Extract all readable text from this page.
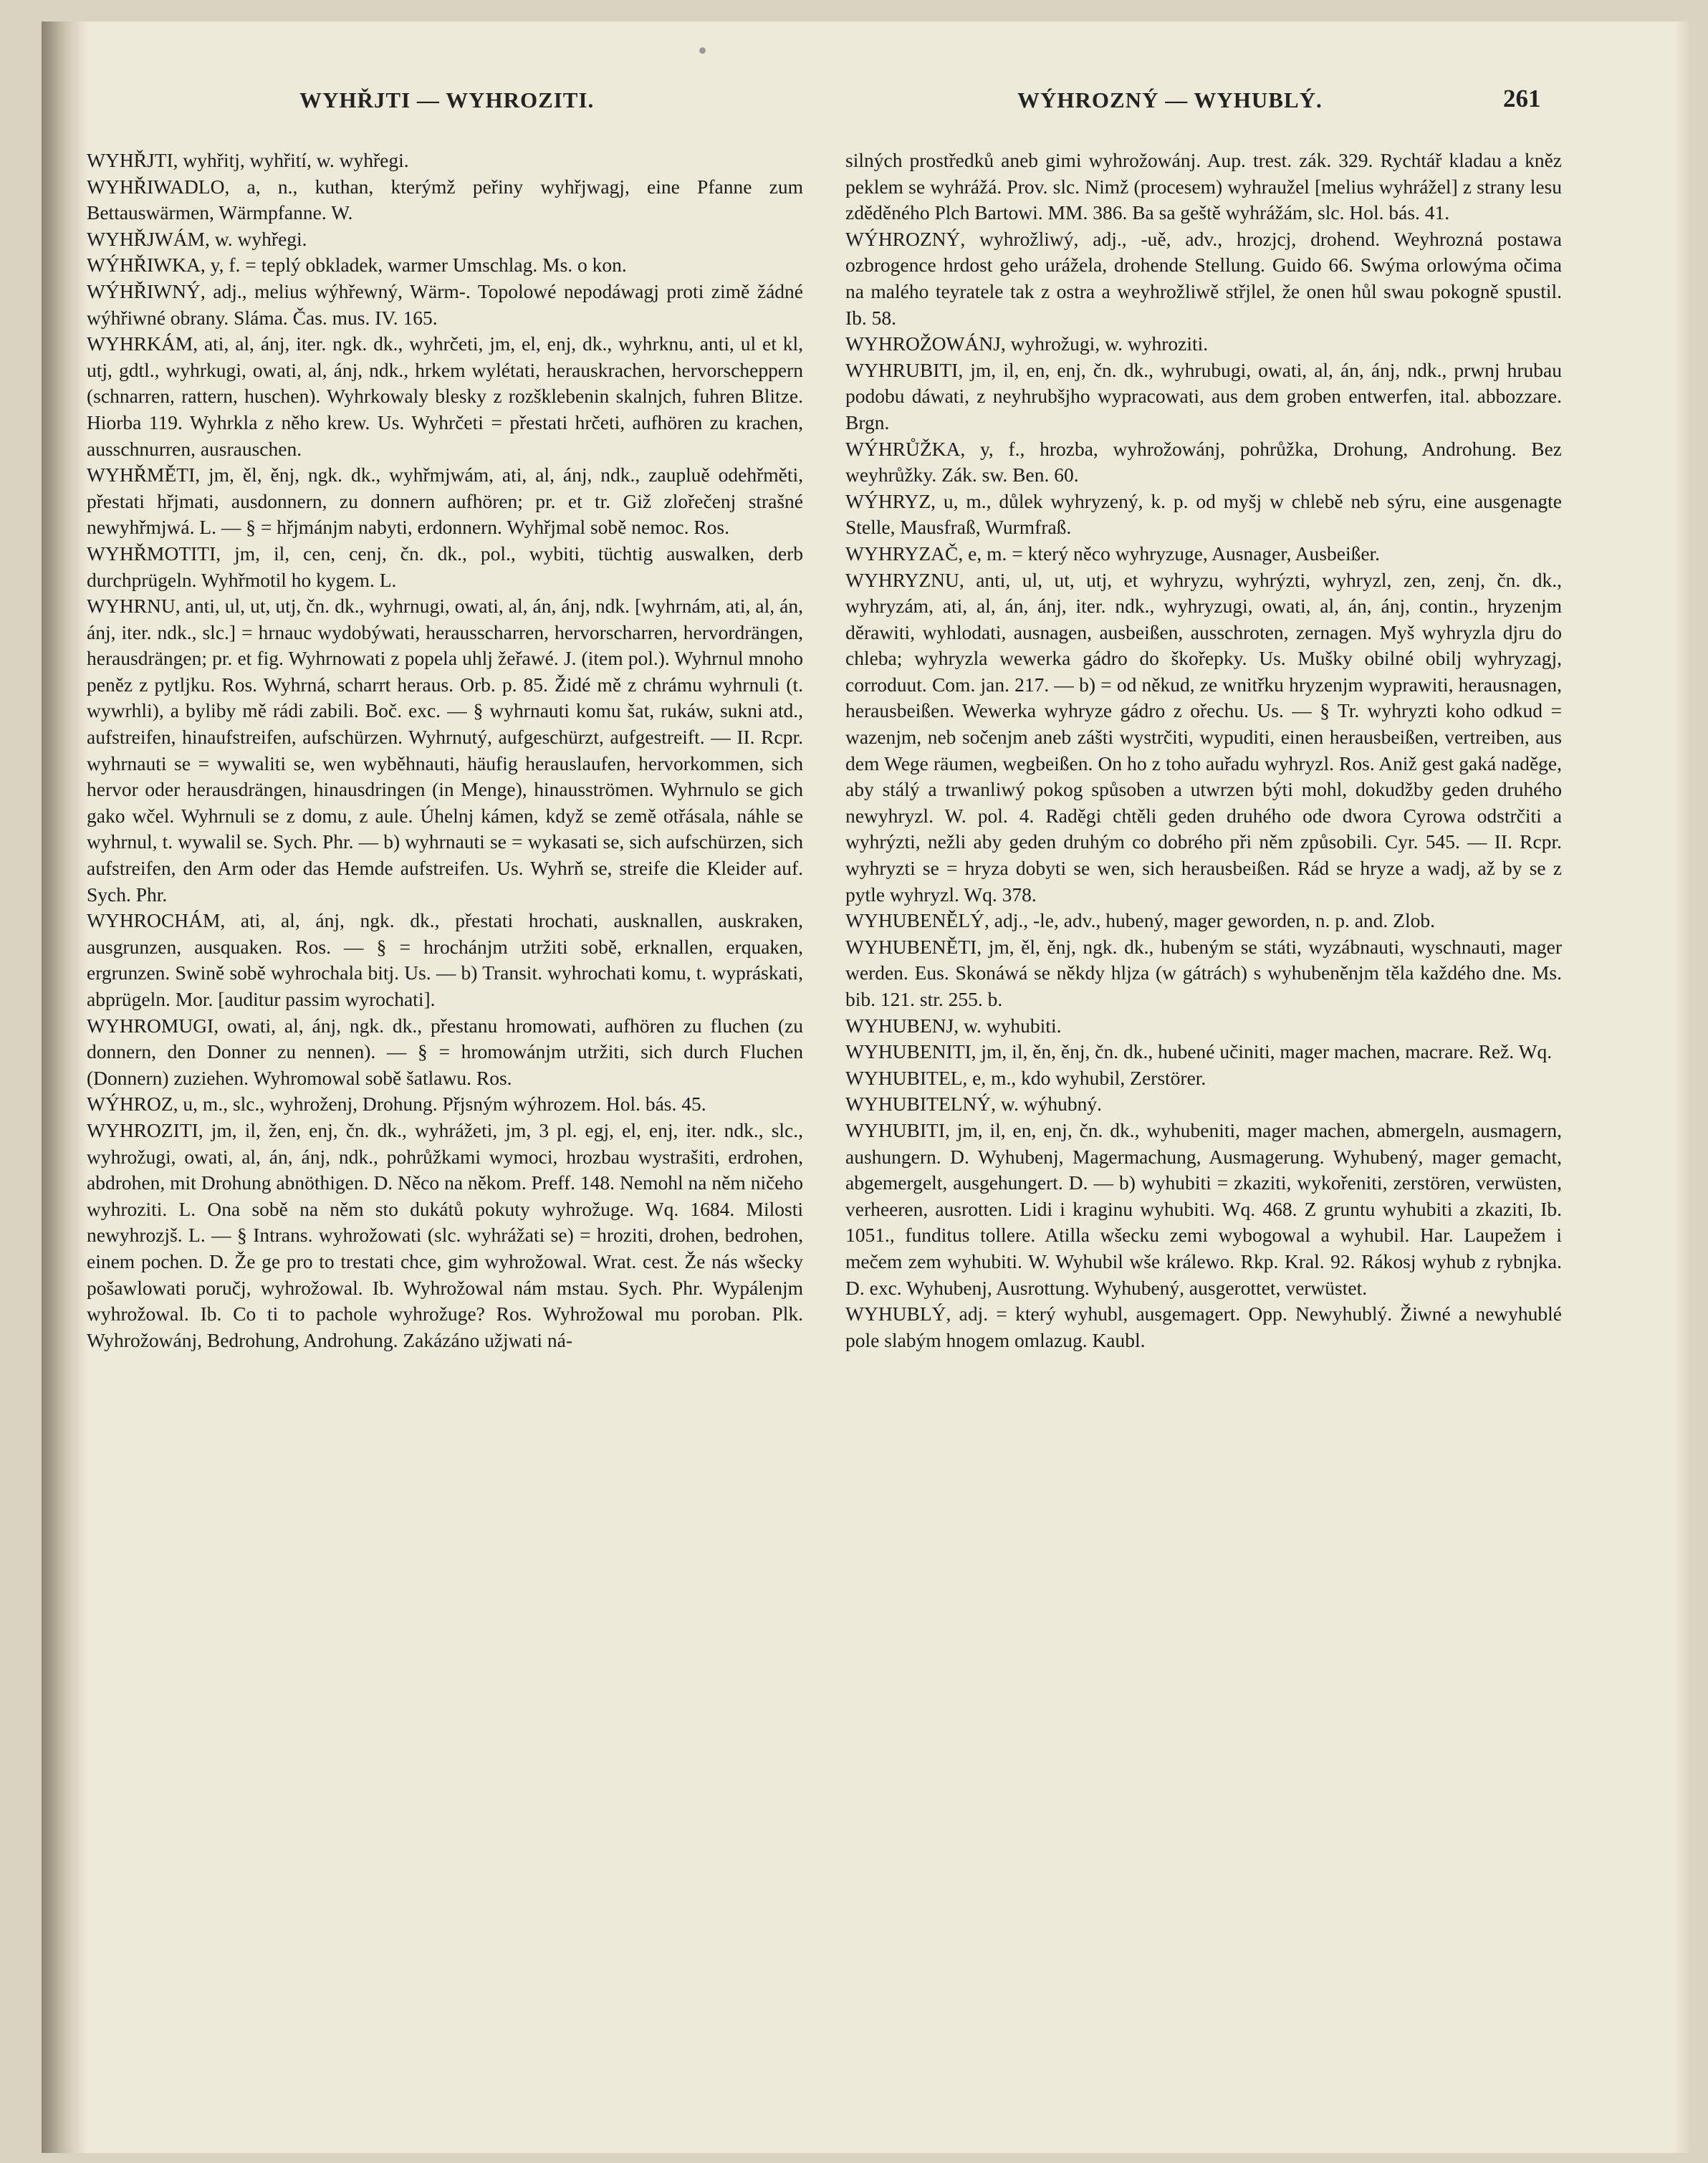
WYHŘJTI — WYHROZITI.	WÝHROZNÝ — WYHUBLÝ.	261

WYHŘJTI, wyhřitj, wyhřití, w. wyhřegi.

WYHŘIWADLO, a, n., kuthan, kterýmž peřiny wyhřjwagj, eine Pfanne zum Bettauswärmen, Wärmpfanne. W.

WYHŘJWÁM, w. wyhřegi.

WÝHŘIWKA, y, f. = teplý obkladek, warmer Umschlag. Ms. o kon.

WÝHŘIWNÝ, adj., melius wýhřewný, Wärm-. Topolowé nepodáwagj proti zimě žádné wýhřiwné obrany. Sláma. Čas. mus. IV. 165.

WYHRKÁM, ati, al, ánj, iter. ngk. dk., wyhrčeti, jm, el, enj, dk., wyhrknu, anti, ul et kl, utj, gdtl., wyhrkugi, owati, al, ánj, ndk., hrkem wylétati, herauskrachen, hervorscheppern (schnarren, rattern, huschen). Wyhrkowaly blesky z rozšklebenin skalnjch, fuhren Blitze. Hiorba 119. Wyhrkla z něho krew. Us. Wyhrčeti = přestati hrčeti, aufhören zu krachen, ausschnurren, ausrauschen.

WYHŘMĚTI, jm, ěl, ěnj, ngk. dk., wyhřmjwám, ati, al, ánj, ndk., zaupluě odehřměti, přestati hřjmati, ausdonnern, zu donnern aufhören; pr. et tr. Giž zlořečenj strašné newyhřmjwá. L. — § = hřjmánjm nabyti, erdonnern. Wyhřjmal sobě nemoc. Ros.

WYHŘMOTITI, jm, il, cen, cenj, čn. dk., pol., wybiti, tüchtig auswalken, derb durchprügeln. Wyhřmotil ho kygem. L.

WYHRNU, anti, ul, ut, utj, čn. dk., wyhrnugi, owati, al, án, ánj, ndk. [wyhrnám, ati, al, án, ánj, iter. ndk., slc.] = hrnauc wydobýwati, herausscharren, hervorscharren, hervordrängen, herausdrängen; pr. et fig. Wyhrnowati z popela uhlj žeřawé. J. (item pol.). Wyhrnul mnoho peněz z pytljku. Ros. Wyhrná, scharrt heraus. Orb. p. 85. Židé mě z chrámu wyhrnuli (t. wywrhli), a byliby mě rádi zabili. Boč. exc. — § wyhrnauti komu šat, rukáw, sukni atd., aufstreifen, hinaufstreifen, aufschürzen. Wyhrnutý, aufgeschürzt, aufgestreift. — II. Rcpr. wyhrnauti se = wywaliti se, wen wyběhnauti, häufig herauslaufen, hervorkommen, sich hervor oder herausdrängen, hinausdringen (in Menge), hinausströmen. Wyhrnulo se gich gako wčel. Wyhrnuli se z domu, z aule. Úhelnj kámen, když se země otřásala, náhle se wyhrnul, t. wywalil se. Sych. Phr. — b) wyhrnauti se = wykasati se, sich aufschürzen, sich aufstreifen, den Arm oder das Hemde aufstreifen. Us. Wyhrň se, streife die Kleider auf. Sych. Phr.

WYHROCHÁM, ati, al, ánj, ngk. dk., přestati hrochati, ausknallen, auskraken, ausgrunzen, ausquaken. Ros. — § = hrochánjm utržiti sobě, erknallen, erquaken, ergrunzen. Swině sobě wyhrochala bitj. Us. — b) Transit. wyhrochati komu, t. wypráskati, abprügeln. Mor. [auditur passim wyrochati].

WYHROMUGI, owati, al, ánj, ngk. dk., přestanu hromowati, aufhören zu fluchen (zu donnern, den Donner zu nennen). — § = hromowánjm utržiti, sich durch Fluchen (Donnern) zuziehen. Wyhromowal sobě šatlawu. Ros.

WÝHROZ, u, m., slc., wyhroženj, Drohung. Přjsným wýhrozem. Hol. bás. 45.

WYHROZITI, jm, il, žen, enj, čn. dk., wyhrážeti, jm, 3 pl. egj, el, enj, iter. ndk., slc., wyhrožugi, owati, al, án, ánj, ndk., pohrůžkami wymoci, hrozbau wystrašiti, erdrohen, abdrohen, mit Drohung abnöthigen. D. Něco na někom. Preff. 148. Nemohl na něm ničeho wyhroziti. L. Ona sobě na něm sto dukátů pokuty wyhrožuge. Wq. 1684. Milosti newyhrozjš. L. — § Intrans. wyhrožowati (slc. wyhrážati se) = hroziti, drohen, bedrohen, einem pochen. D. Že ge pro to trestati chce, gim wyhrožowal. Wrat. cest. Že nás wšecky pošawlowati poručj, wyhrožowal. Ib. Wyhrožowal nám mstau. Sych. Phr. Wypálenjm wyhrožowal. Ib. Co ti to pachole wyhrožuge? Ros. Wyhrožowal mu poroban. Plk. Wyhrožowánj, Bedrohung, Androhung. Zakázáno užjwati ná-

silných prostředků aneb gimi wyhrožowánj. Aup. trest. zák. 329. Rychtář kladau a kněz peklem se wyhrážá. Prov. slc. Nimž (procesem) wyhraužel [melius wyhrážel] z strany lesu zděděného Plch Bartowi. MM. 386. Ba sa geště wyhrážám, slc. Hol. bás. 41.

WÝHROZNÝ, wyhrožliwý, adj., -uě, adv., hrozjcj, drohend. Weyhrozná postawa ozbrogence hrdost geho urážela, drohende Stellung. Guido 66. Swýma orlowýma očima na malého teyratele tak z ostra a weyhrožliwě střjlel, že onen hůl swau pokogně spustil. Ib. 58.

WYHROŽOWÁNJ, wyhrožugi, w. wyhroziti.

WYHRUBITI, jm, il, en, enj, čn. dk., wyhrubugi, owati, al, án, ánj, ndk., prwnj hrubau podobu dáwati, z neyhrubšjho wypracowati, aus dem groben entwerfen, ital. abbozzare. Brgn.

WÝHRŮŽKA, y, f., hrozba, wyhrožowánj, pohrůžka, Drohung, Androhung. Bez weyhrůžky. Zák. sw. Ben. 60.

WÝHRYZ, u, m., důlek wyhryzený, k. p. od myšj w chlebě neb sýru, eine ausgenagte Stelle, Mausfraß, Wurmfraß.

WYHRYZAČ, e, m. = který něco wyhryzuge, Ausnager, Ausbeißer.

WYHRYZNU, anti, ul, ut, utj, et wyhryzu, wyhrýzti, wyhryzl, zen, zenj, čn. dk., wyhryzám, ati, al, án, ánj, iter. ndk., wyhryzugi, owati, al, án, ánj, contin., hryzenjm děrawiti, wyhlodati, ausnagen, ausbeißen, ausschroten, zernagen. Myš wyhryzla djru do chleba; wyhryzla wewerka gádro do škořepky. Us. Mušky obilné obilj wyhryzagj, corroduut. Com. jan. 217. — b) = od někud, ze wnitřku hryzenjm wyprawiti, herausnagen, herausbeißen. Wewerka wyhryze gádro z ořechu. Us. — § Tr. wyhryzti koho odkud = wazenjm, neb sočenjm aneb zášti wystrčiti, wypuditi, einen herausbeißen, vertreiben, aus dem Wege räumen, wegbeißen. On ho z toho auřadu wyhryzl. Ros. Aniž gest gaká naděge, aby stálý a trwanliwý pokog spůsoben a utwrzen býti mohl, dokudžby geden druhého newyhryzl. W. pol. 4. Raděgi chtěli geden druhého ode dwora Cyrowa odstrčiti a wyhrýzti, nežli aby geden druhým co dobrého při něm způsobili. Cyr. 545. — II. Rcpr. wyhryzti se = hryza dobyti se wen, sich herausbeißen. Rád se hryze a wadj, až by se z pytle wyhryzl. Wq. 378.

WYHUBENĚLÝ, adj., -le, adv., hubený, mager geworden, n. p. and. Zlob.

WYHUBENĚTI, jm, ěl, ěnj, ngk. dk., hubeným se státi, wyzábnauti, wyschnauti, mager werden. Eus. Skonáwá se někdy hljza (w gátrách) s wyhubeněnjm těla každého dne. Ms. bib. 121. str. 255. b.

WYHUBENJ, w. wyhubiti.

WYHUBENITI, jm, il, ěn, ěnj, čn. dk., hubené učiniti, mager machen, macrare. Rež. Wq.

WYHUBITEL, e, m., kdo wyhubil, Zerstörer.

WYHUBITELNÝ, w. wýhubný.

WYHUBITI, jm, il, en, enj, čn. dk., wyhubeniti, mager machen, abmergeln, ausmagern, aushungern. D. Wyhubenj, Magermachung, Ausmagerung. Wyhubený, mager gemacht, abgemergelt, ausgehungert. D. — b) wyhubiti = zkaziti, wykořeniti, zerstören, verwüsten, verheeren, ausrotten. Lidi i kraginu wyhubiti. Wq. 468. Z gruntu wyhubiti a zkaziti, Ib. 1051., funditus tollere. Atilla wšecku zemi wybogowal a wyhubil. Har. Laupežem i mečem zem wyhubiti. W. Wyhubil wše králewo. Rkp. Kral. 92. Rákosj wyhub z rybnjka. D. exc. Wyhubenj, Ausrottung. Wyhubený, ausgerottet, verwüstet.

WYHUBLÝ, adj. = který wyhubl, ausgemagert. Opp. Newyhublý. Žiwné a newyhublé pole slabým hnogem omlazug. Kaubl.
